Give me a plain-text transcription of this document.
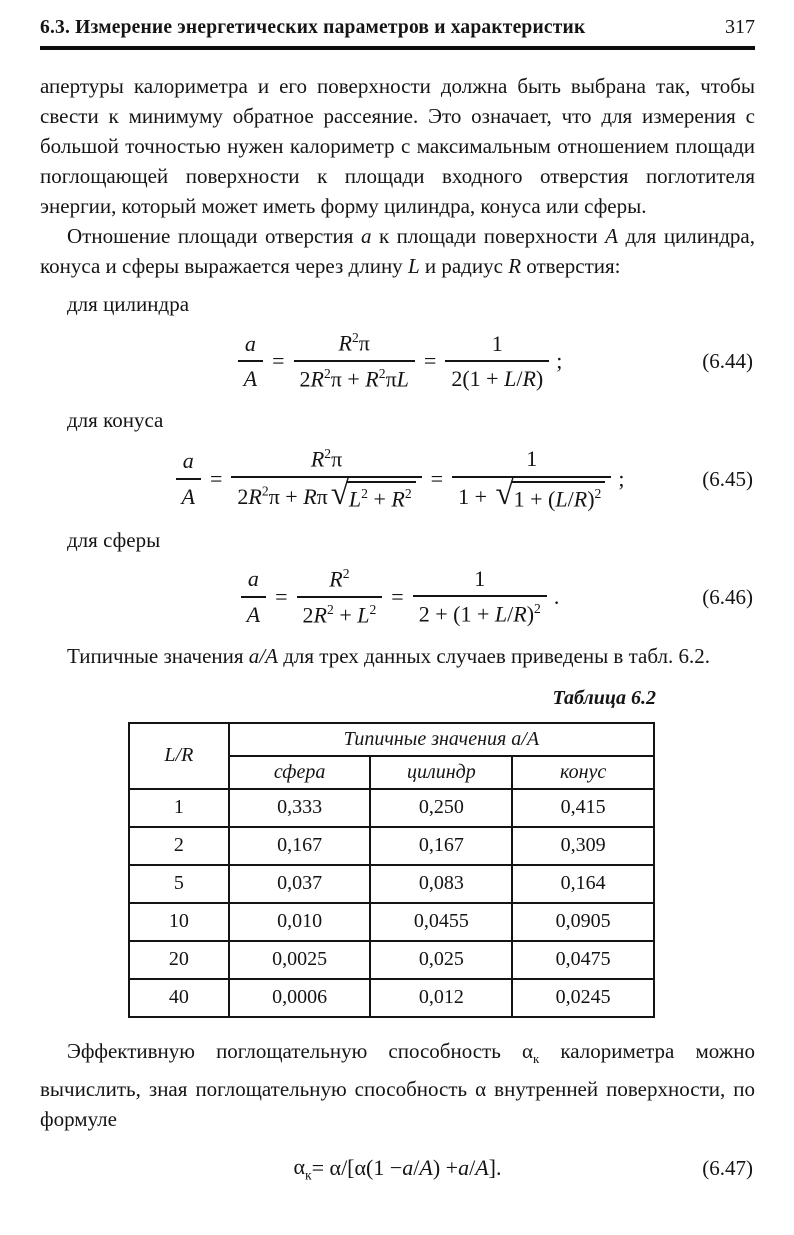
6.3. Измерение энергетических параметров и характеристик	317

апертуры калориметра и его поверхности должна быть выбрана так, чтобы свести к минимуму обратное рассеяние. Это означает, что для измерения с большой точностью нужен калориметр с максимальным отношением площади поглощающей поверхности к площади входного отверстия поглотителя энергии, который может иметь форму цилиндра, конуса или сферы.

Отношение площади отверстия a к площади поверхности A для цилиндра, конуса и сферы выражается через длину L и радиус R отверстия:

для цилиндра
$\frac{a}{A} = \frac{R^2\pi}{2R^2\pi + R^2\pi L} = \frac{1}{2(1 + L/R)}$ ;	(6.44)
для конуса
$\frac{a}{A} = \frac{R^2\pi}{2R^2\pi + R\pi √ L^2 + R^2} = \frac{1}{1 + √ 1 + (L/R)^2}$ ;	(6.45)
для сферы
$\frac{a}{A} = \frac{R^2}{2R^2 + L^2} = \frac{1}{2 + (1 + L/R)^2}$ .	(6.46)

Типичные значения a/A для трех данных случаев приведены в табл. 6.2.

Таблица 6.2
L/R	Типичные значения a/A		
	сфера	цилиндр	конус
1	0,333	0,250	0,415
2	0,167	0,167	0,309
5	0,037	0,083	0,164
10	0,010	0,0455	0,0905
20	0,0025	0,025	0,0475
40	0,0006	0,012	0,0245

Эффективную поглощательную способность $\alpha_к$ калориметра можно вычислить, зная поглощательную способность α внутренней поверхности, по формуле

$\alpha_к = \alpha/[\alpha(1 - a / A$ ) + a / A ].	(6.47)
